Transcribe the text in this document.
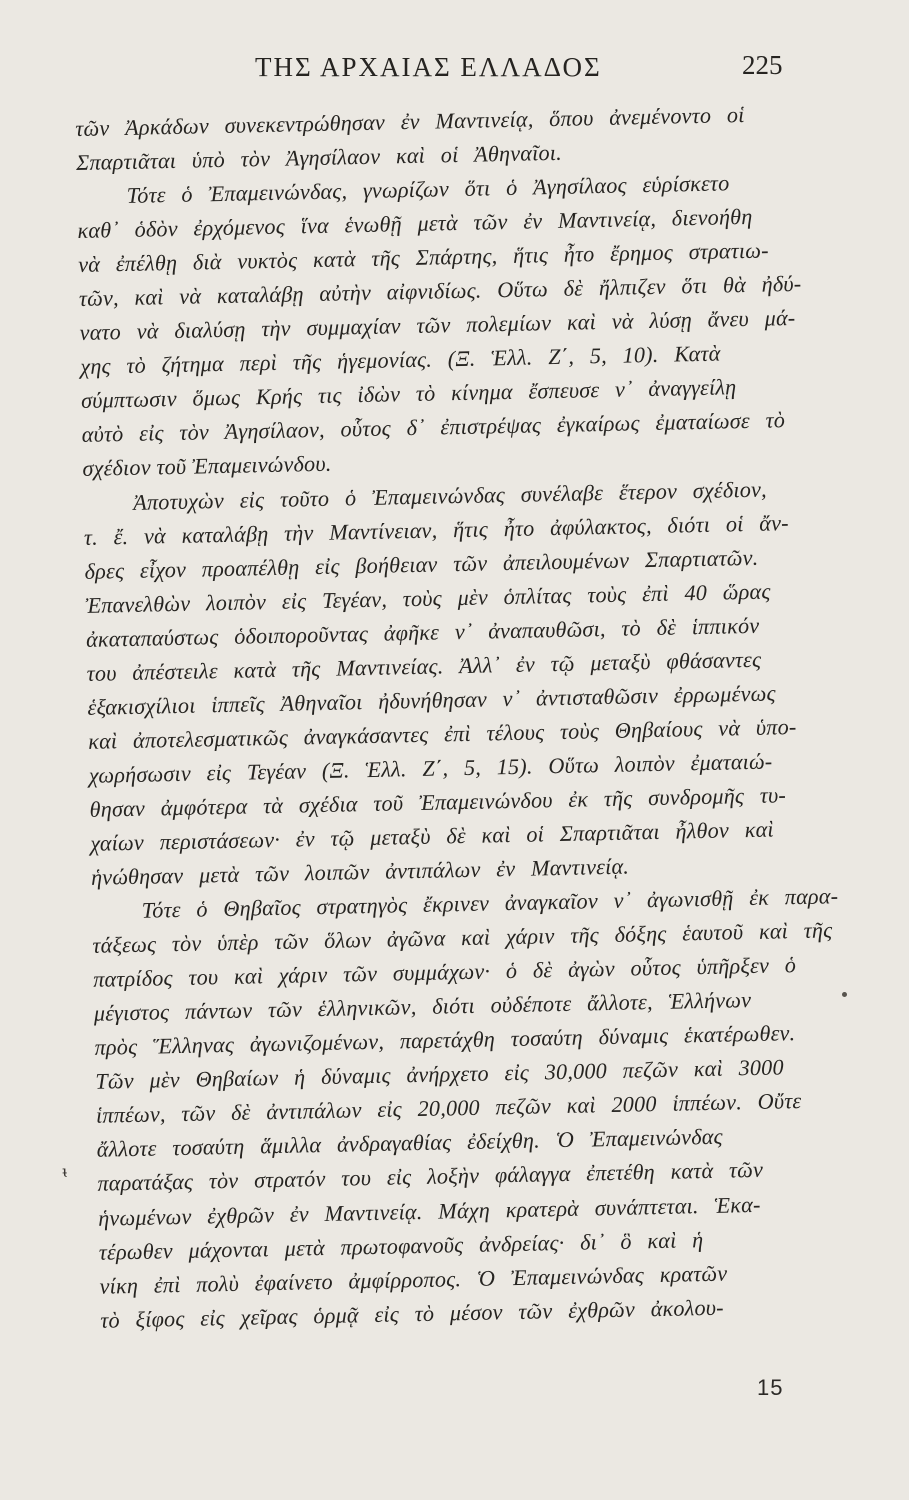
ΤΗΣ ΑΡΧΑΙΑΣ ΕΛΛΑΔΟΣ	225
τῶν Ἀρκάδων συνεκεντρώθησαν ἐν Μαντινείᾳ, ὅπου ἀνεμένοντο οἱ
Σπαρτιᾶται ὑπὸ τὸν Ἀγησίλαον καὶ οἱ Ἀθηναῖοι.
Τότε ὁ Ἐπαμεινώνδας, γνωρίζων ὅτι ὁ Ἀγησίλαος εὑρίσκετο
καθ᾽ ὁδὸν ἐρχόμενος ἵνα ἑνωθῇ μετὰ τῶν ἐν Μαντινείᾳ, διενοήθη
νὰ ἐπέλθῃ διὰ νυκτὸς κατὰ τῆς Σπάρτης, ἥτις ἦτο ἔρημος στρατιω-
τῶν, καὶ νὰ καταλάβῃ αὐτὴν αἰφνιδίως. Οὕτω δὲ ἤλπιζεν ὅτι θὰ ἠδύ-
νατο νὰ διαλύσῃ τὴν συμμαχίαν τῶν πολεμίων καὶ νὰ λύσῃ ἄνευ μά-
χης τὸ ζήτημα περὶ τῆς ἡγεμονίας. (Ξ. Ἑλλ. Ζ΄, 5, 10). Κατὰ
σύμπτωσιν ὅμως Κρής τις ἰδὼν τὸ κίνημα ἔσπευσε ν᾽ ἀναγγείλῃ
αὐτὸ εἰς τὸν Ἀγησίλαον, οὗτος δ᾽ ἐπιστρέψας ἐγκαίρως ἐματαίωσε τὸ
σχέδιον τοῦ Ἐπαμεινώνδου.
Ἀποτυχὼν εἰς τοῦτο ὁ Ἐπαμεινώνδας συνέλαβε ἕτερον σχέδιον,
τ. ἔ. νὰ καταλάβῃ τὴν Μαντίνειαν, ἥτις ἦτο ἀφύλακτος, διότι οἱ ἄν-
δρες εἶχον προαπέλθῃ εἰς βοήθειαν τῶν ἀπειλουμένων Σπαρτιατῶν.
Ἐπανελθὼν λοιπὸν εἰς Τεγέαν, τοὺς μὲν ὁπλίτας τοὺς ἐπὶ 40 ὥρας
ἀκαταπαύστως ὁδοιποροῦντας ἀφῆκε ν᾽ ἀναπαυθῶσι, τὸ δὲ ἱππικόν
του ἀπέστειλε κατὰ τῆς Μαντινείας. Ἀλλ᾽ ἐν τῷ μεταξὺ φθάσαντες
ἑξακισχίλιοι ἱππεῖς Ἀθηναῖοι ἠδυνήθησαν ν᾽ ἀντισταθῶσιν ἐρρωμένως
καὶ ἀποτελεσματικῶς ἀναγκάσαντες ἐπὶ τέλους τοὺς Θηβαίους νὰ ὑπο-
χωρήσωσιν εἰς Τεγέαν (Ξ. Ἑλλ. Ζ΄, 5, 15). Οὕτω λοιπὸν ἐματαιώ-
θησαν ἀμφότερα τὰ σχέδια τοῦ Ἐπαμεινώνδου ἐκ τῆς συνδρομῆς τυ-
χαίων περιστάσεων· ἐν τῷ μεταξὺ δὲ καὶ οἱ Σπαρτιᾶται ἦλθον καὶ
ἡνώθησαν μετὰ τῶν λοιπῶν ἀντιπάλων ἐν Μαντινείᾳ.
Τότε ὁ Θηβαῖος στρατηγὸς ἔκρινεν ἀναγκαῖον ν᾽ ἀγωνισθῇ ἐκ παρα-
τάξεως τὸν ὑπὲρ τῶν ὅλων ἀγῶνα καὶ χάριν τῆς δόξης ἑαυτοῦ καὶ τῆς
πατρίδος του καὶ χάριν τῶν συμμάχων· ὁ δὲ ἀγὼν οὗτος ὑπῆρξεν ὁ
μέγιστος πάντων τῶν ἑλληνικῶν, διότι οὐδέποτε ἄλλοτε, Ἑλλήνων
πρὸς Ἕλληνας ἀγωνιζομένων, παρετάχθη τοσαύτη δύναμις ἑκατέρωθεν.
Τῶν μὲν Θηβαίων ἡ δύναμις ἀνήρχετο εἰς 30,000 πεζῶν καὶ 3000
ἱππέων, τῶν δὲ ἀντιπάλων εἰς 20,000 πεζῶν καὶ 2000 ἱππέων. Οὔτε
ἄλλοτε τοσαύτη ἅμιλλα ἀνδραγαθίας ἐδείχθη. Ὁ Ἐπαμεινώνδας
παρατάξας τὸν στρατόν του εἰς λοξὴν φάλαγγα ἐπετέθη κατὰ τῶν
ἡνωμένων ἐχθρῶν ἐν Μαντινείᾳ. Μάχη κρατερὰ συνάπτεται. Ἑκα-
τέρωθεν μάχονται μετὰ πρωτοφανοῦς ἀνδρείας· δι᾽ ὃ καὶ ἡ
νίκη ἐπὶ πολὺ ἐφαίνετο ἀμφίρροπος. Ὁ Ἐπαμεινώνδας κρατῶν
τὸ ξίφος εἰς χεῖρας ὁρμᾷ εἰς τὸ μέσον τῶν ἐχθρῶν ἀκολου-
ᵼ
15
